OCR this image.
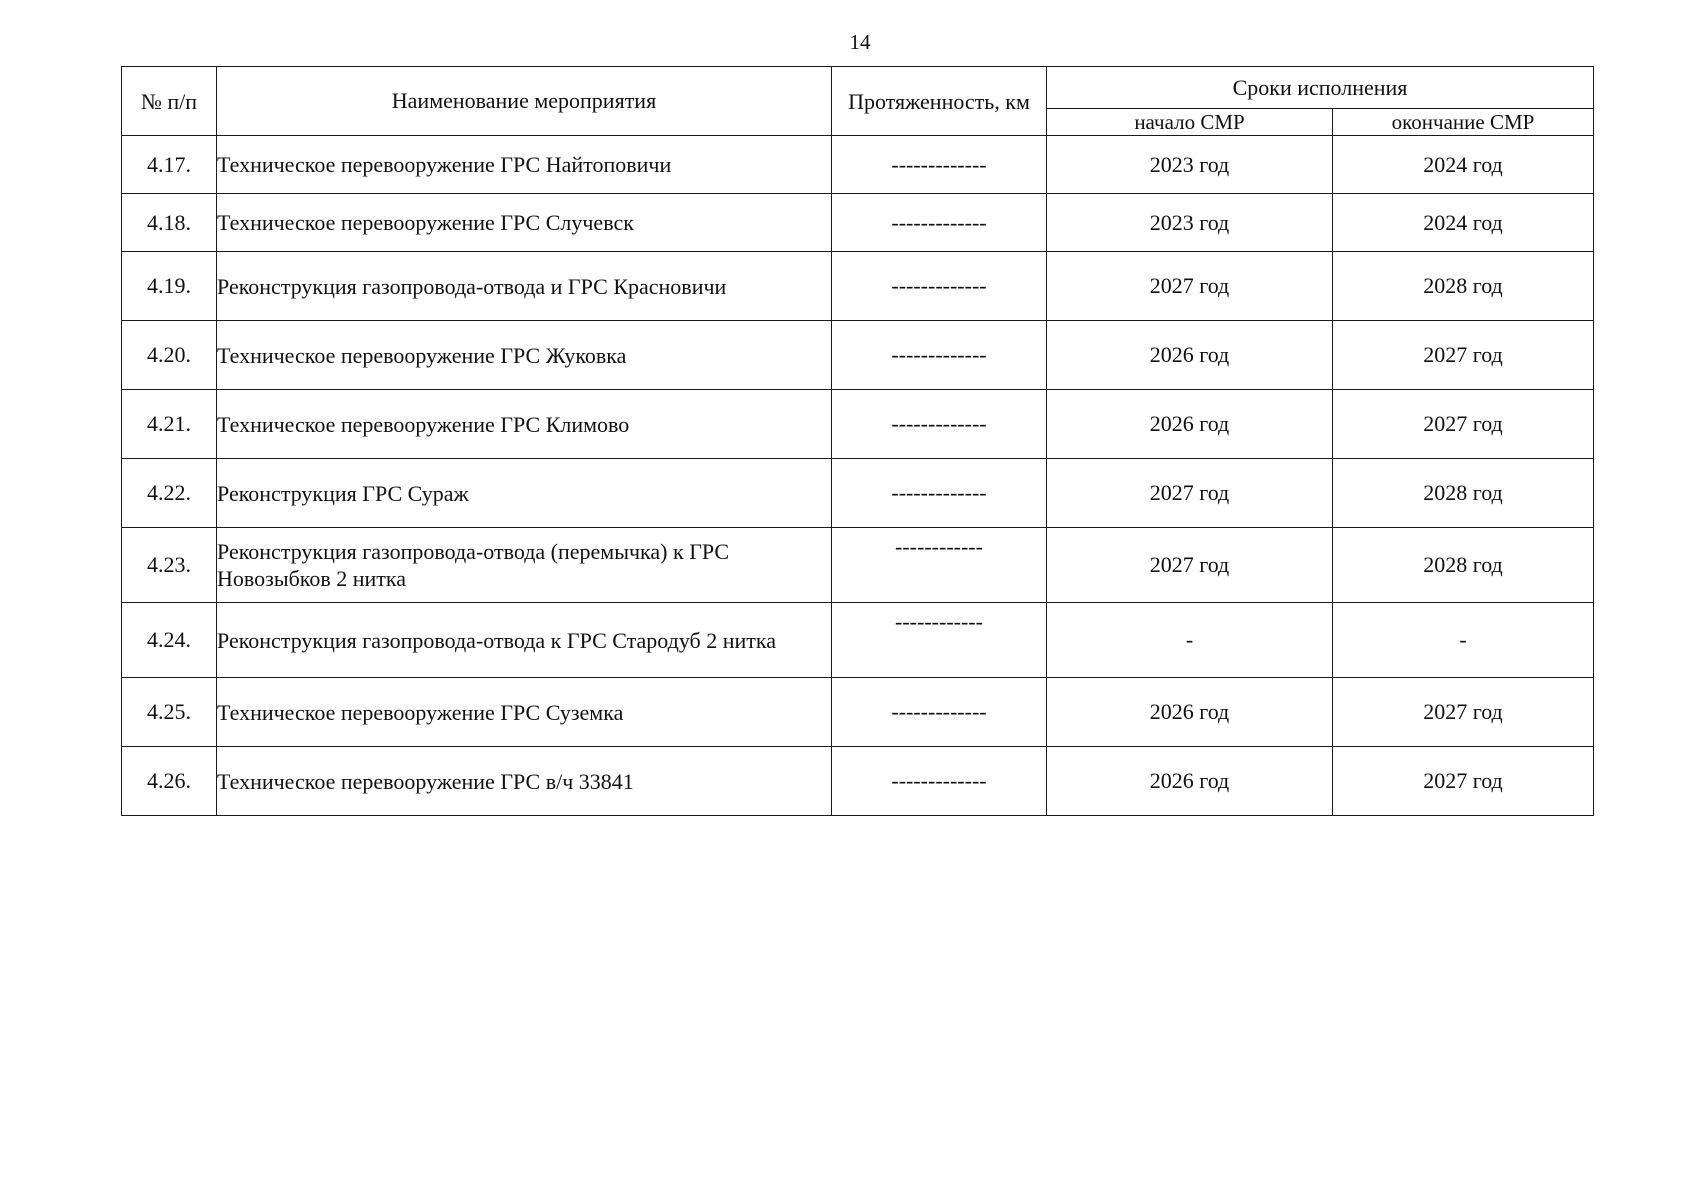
14
№ п/п	Наименование мероприятия	Протяженность, км	Сроки исполнения	
			начало СМР	окончание СМР
4.17.	Техническое перевооружение ГРС Найтоповичи	-------------	2023 год	2024 год
4.18.	Техническое перевооружение ГРС Случевск	-------------	2023 год	2024 год
4.19.	Реконструкция газопровода-отвода и ГРС Красновичи	-------------	2027 год	2028 год
4.20.	Техническое перевооружение ГРС Жуковка	-------------	2026 год	2027 год
4.21.	Техническое перевооружение ГРС Климово	-------------	2026 год	2027 год
4.22.	Реконструкция ГРС Сураж	-------------	2027 год	2028 год
4.23.	Реконструкция газопровода-отвода (перемычка) к ГРС Новозыбков 2 нитка	------------	2027 год	2028 год
4.24.	Реконструкция газопровода-отвода к ГРС Стародуб 2 нитка	------------	-	-
4.25.	Техническое перевооружение ГРС Суземка	-------------	2026 год	2027 год
4.26.	Техническое перевооружение ГРС в/ч 33841	-------------	2026 год	2027 год
